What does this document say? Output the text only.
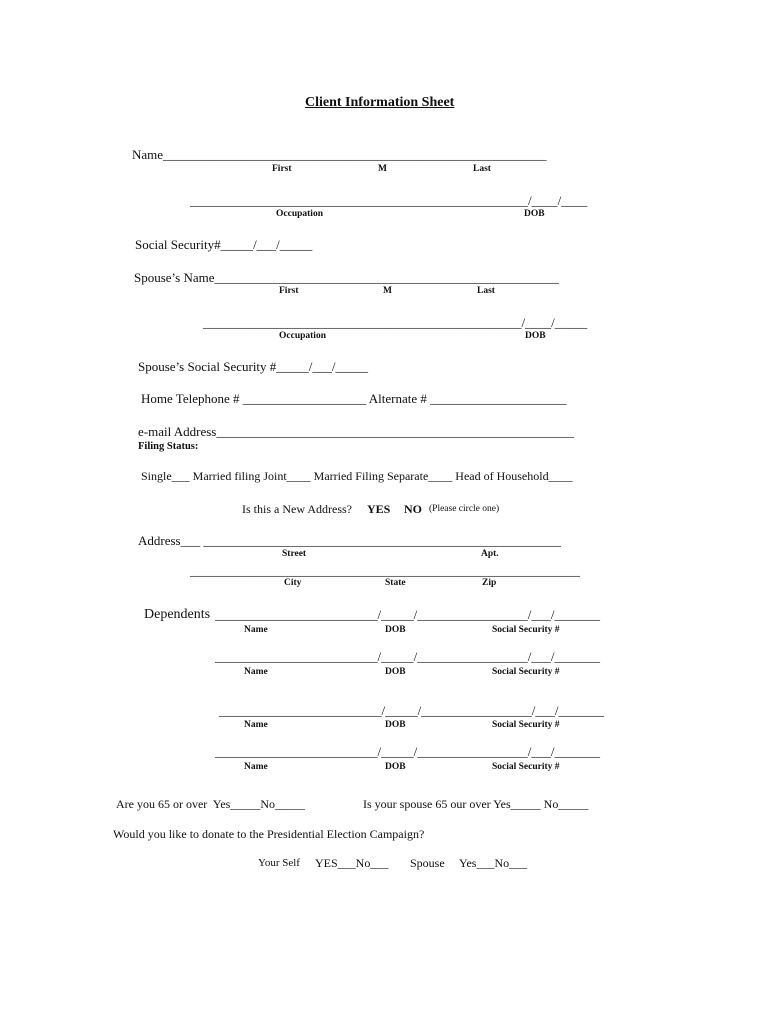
Client Information Sheet
Name___________________________________________________________
First	M	Last
____________________________________________________/____/____
Occupation	DOB
Social Security#_____/___/_____
Spouse’s Name_____________________________________________________
First	M	Last
_________________________________________________/____/_____
Occupation	DOB
Spouse’s Social Security #_____/___/_____
Home Telephone # ___________________ Alternate # _____________________
e-mail Address_______________________________________________________
Filing Status:
Single___ Married filing Joint____ Married Filing Separate____ Head of Household____
Is this a New Address? YES NO (Please circle one)
Address___ _______________________________________________________
Street	Apt.
____________________________________________________________
City	State	Zip
Dependents _________________________/_____/_________________/___/_______
Name	DOB	Social Security #
_________________________/_____/_________________/___/_______
Name	DOB	Social Security #
_________________________/_____/_________________/___/_______
Name	DOB	Social Security #
_________________________/_____/_________________/___/_______
Name	DOB	Social Security #
Are you 65 or over  Yes_____No_____	Is your spouse 65 our over Yes_____ No_____
Would you like to donate to the Presidential Election Campaign?
Your Self YES___No___ Spouse Yes___No___
